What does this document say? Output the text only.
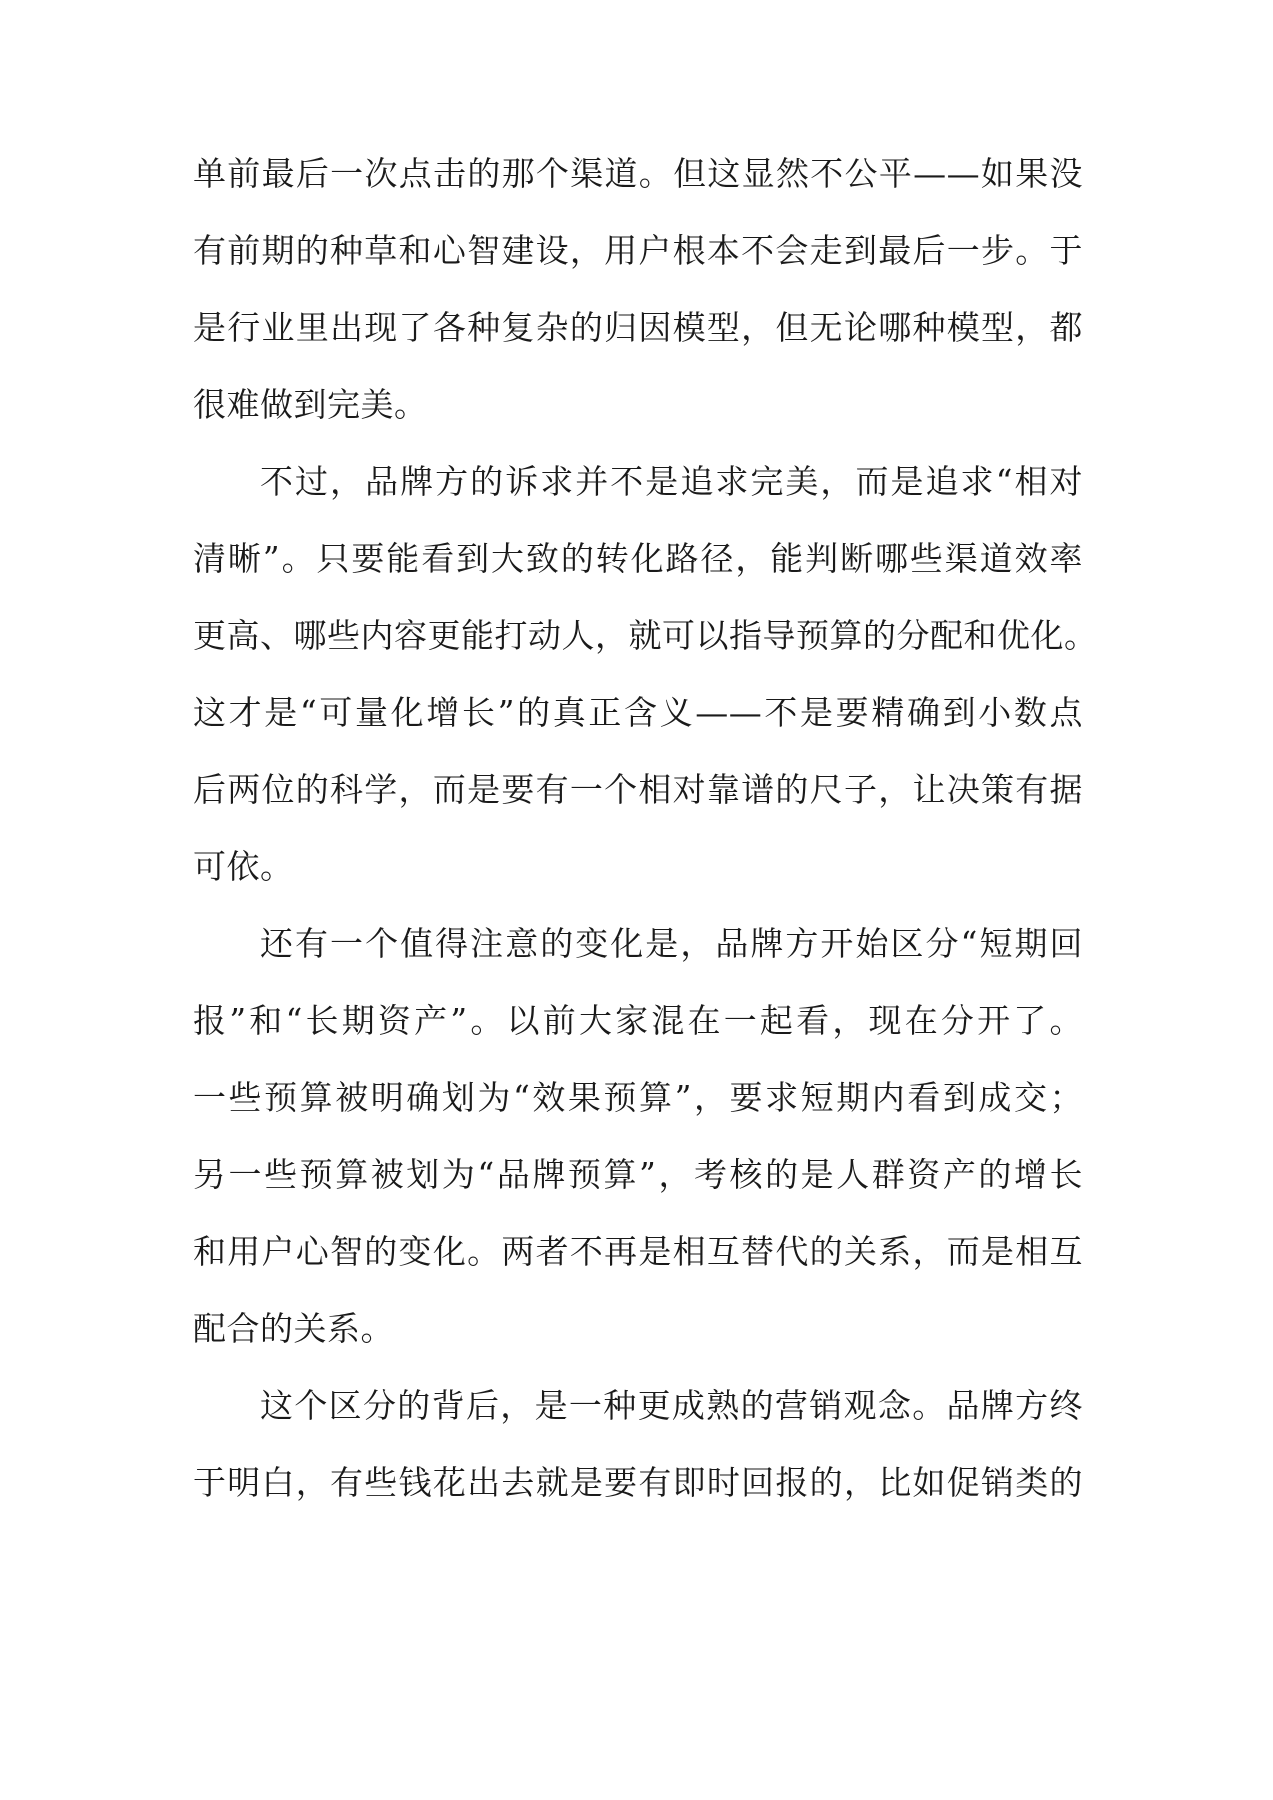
单前最后一次点击的那个渠道。但这显然不公平——如果没
有前期的种草和心智建设，用户根本不会走到最后一步。于
是行业里出现了各种复杂的归因模型，但无论哪种模型，都
很难做到完美。
不过，品牌方的诉求并不是追求完美，而是追求“相对
清晰”。只要能看到大致的转化路径，能判断哪些渠道效率
更高、哪些内容更能打动人，就可以指导预算的分配和优化。
这才是“可量化增长”的真正含义——不是要精确到小数点
后两位的科学，而是要有一个相对靠谱的尺子，让决策有据
可依。
还有一个值得注意的变化是，品牌方开始区分“短期回
报”和“长期资产”。以前大家混在一起看，现在分开了。
一些预算被明确划为“效果预算”，要求短期内看到成交；
另一些预算被划为“品牌预算”，考核的是人群资产的增长
和用户心智的变化。两者不再是相互替代的关系，而是相互
配合的关系。
这个区分的背后，是一种更成熟的营销观念。品牌方终
于明白，有些钱花出去就是要有即时回报的，比如促销类的
